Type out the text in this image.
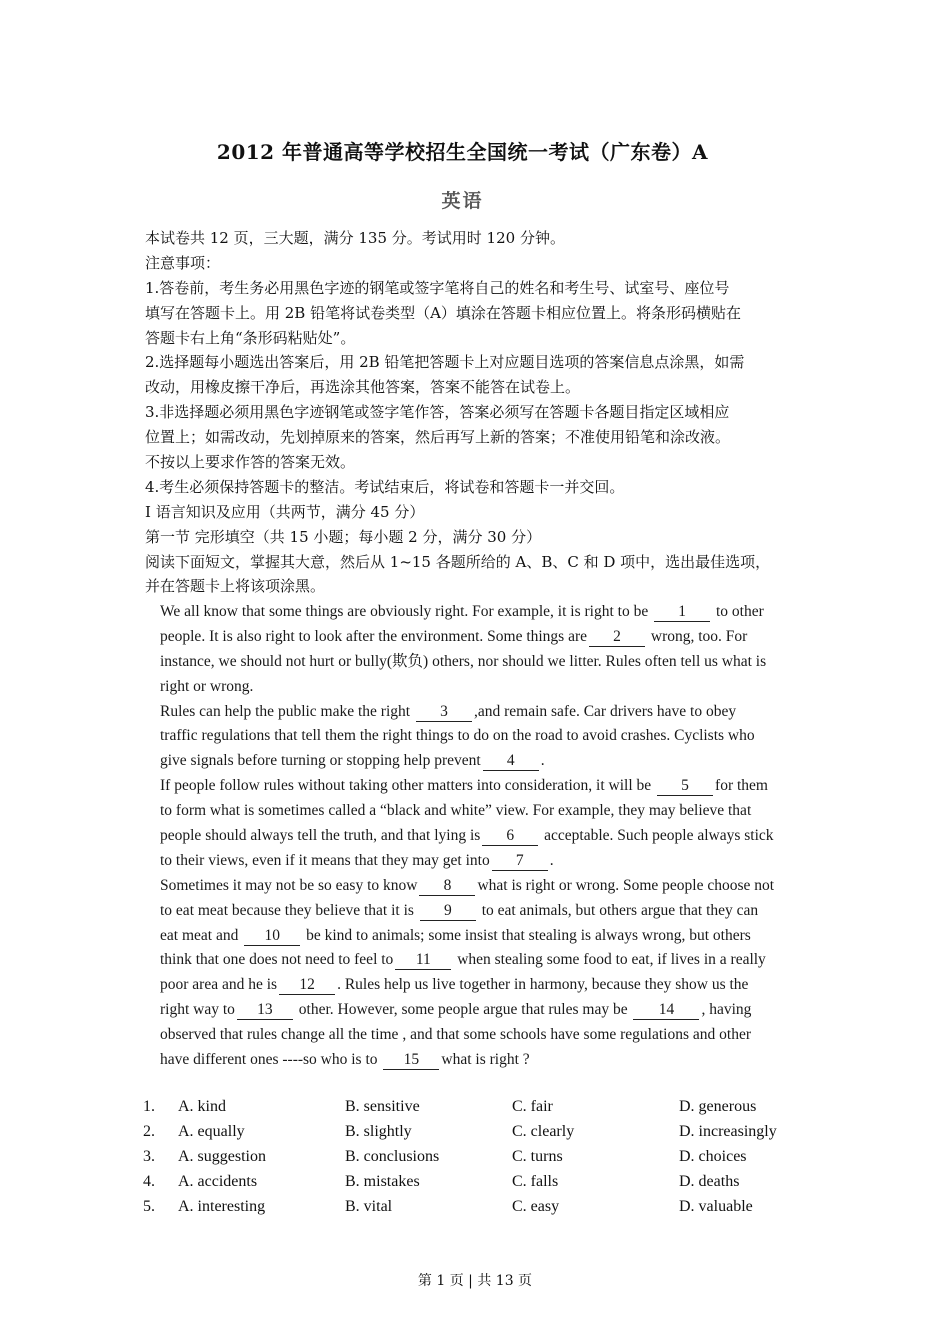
2012 年普通高等学校招生全国统一考试（广东卷）A
英语
本试卷共 12 页，三大题，满分 135 分。考试用时 120 分钟。
注意事项：
1.答卷前，考生务必用黑色字迹的钢笔或签字笔将自己的姓名和考生号、试室号、座位号
填写在答题卡上。用 2B 铅笔将试卷类型（A）填涂在答题卡相应位置上。将条形码横贴在
答题卡右上角“条形码粘贴处”。
2.选择题每小题选出答案后，用 2B 铅笔把答题卡上对应题目选项的答案信息点涂黑，如需
改动，用橡皮擦干净后，再选涂其他答案，答案不能答在试卷上。
3.非选择题必须用黑色字迹钢笔或签字笔作答，答案必须写在答题卡各题目指定区域相应
位置上；如需改动，先划掉原来的答案，然后再写上新的答案；不准使用铅笔和涂改液。
不按以上要求作答的答案无效。
4.考生必须保持答题卡的整洁。考试结束后，将试卷和答题卡一并交回。
I 语言知识及应用（共两节，满分 45 分）
第一节 完形填空（共 15 小题；每小题 2 分，满分 30 分）
阅读下面短文，掌握其大意，然后从 1~15 各题所给的 A、B、C 和 D 项中，选出最佳选项，
并在答题卡上将该项涂黑。
We all know that some things are obviously right. For example, it is right to be 1 to other
people. It is also right to look after the environment. Some things are 2 wrong, too. For
instance, we should not hurt or bully(欺负) others, nor should we litter. Rules often tell us what is
right or wrong.
Rules can help the public make the right 3 ,and remain safe. Car drivers have to obey
traffic regulations that tell them the right things to do on the road to avoid crashes. Cyclists who
give signals before turning or stopping help prevent 4 .
If people follow rules without taking other matters into consideration, it will be 5 for them
to form what is sometimes called a “black and white” view. For example, they may believe that
people should always tell the truth, and that lying is 6 acceptable. Such people always stick
to their views, even if it means that they may get into 7 .
Sometimes it may not be so easy to know 8 what is right or wrong. Some people choose not
to eat meat because they believe that it is 9 to eat animals, but others argue that they can
eat meat and 10 be kind to animals; some insist that stealing is always wrong, but others
think that one does not need to feel to 11 when stealing some food to eat, if lives in a really
poor area and he is 12 . Rules help us live together in harmony, because they show us the
right way to 13 other. However, some people argue that rules may be 14 , having
observed that rules change all the time , and that some schools have some regulations and other
have different ones ----so who is to 15 what is right ?
1. A. kind	B. sensitive	C. fair	D. generous
2. A. equally	B. slightly	C. clearly	D. increasingly
3. A. suggestion	B. conclusions	C. turns	D. choices
4. A. accidents	B. mistakes	C. falls	D. deaths
5. A. interesting	B. vital	C. easy	D. valuable
第 1 页 | 共 13 页
